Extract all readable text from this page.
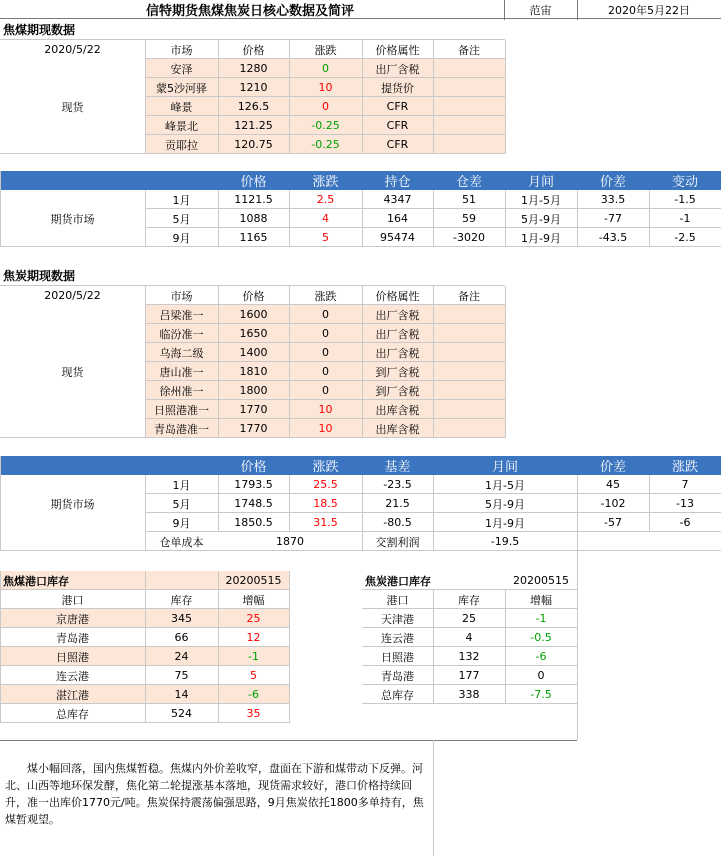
信特期货焦煤焦炭日核心数据及简评	范宙	2020年5月22日
焦煤期现数据
2020/5/22	市场	价格	涨跌	价格属性	备注
安泽	1280	0	出厂含税
蒙5沙河驿	1210	10	提货价
峰景	126.5	0	CFR
峰景北	121.25	-0.25	CFR
贡耶拉	120.75	-0.25	CFR
现货
价格	涨跌	持仓	仓差	月间	价差	变动
1月	1121.5	2.5	4347	51	1月-5月	33.5	-1.5
5月	1088	4	164	59	5月-9月	-77	-1
9月	1165	5	95474	-3020	1月-9月	-43.5	-2.5
期货市场
焦炭期现数据
2020/5/22	市场	价格	涨跌	价格属性	备注
吕梁准一	1600	0	出厂含税
临汾准一	1650	0	出厂含税
乌海二级	1400	0	出厂含税
唐山准一	1810	0	到厂含税
徐州准一	1800	0	到厂含税
日照港准一	1770	10	出库含税
青岛港准一	1770	10	出库含税
现货
价格	涨跌	基差	月间	价差	涨跌
1月	1793.5	25.5	-23.5	1月-5月	45	7
5月	1748.5	18.5	21.5	5月-9月	-102	-13
9月	1850.5	31.5	-80.5	1月-9月	-57	-6
仓单成本	1870	交割利润	-19.5
期货市场
焦煤港口库存	20200515
港口	库存	增幅
京唐港	345	25
青岛港	66	12
日照港	24	-1
连云港	75	5
湛江港	14	-6
总库存	524	35
焦炭港口库存	20200515
港口	库存	增幅
天津港	25	-1
连云港	4	-0.5
日照港	132	-6
青岛港	177	0
总库存	338	-7.5
煤小幅回落，国内焦煤暂稳。焦煤内外价差收窄，盘面在下游和煤带动下反弹。河北、山西等地环保发酵，焦化第二轮提涨基本落地，现货需求较好，港口价格持续回升，准一出库价1770元/吨。焦炭保持震荡偏强思路，9月焦炭依托1800多单持有，焦煤暂观望。
